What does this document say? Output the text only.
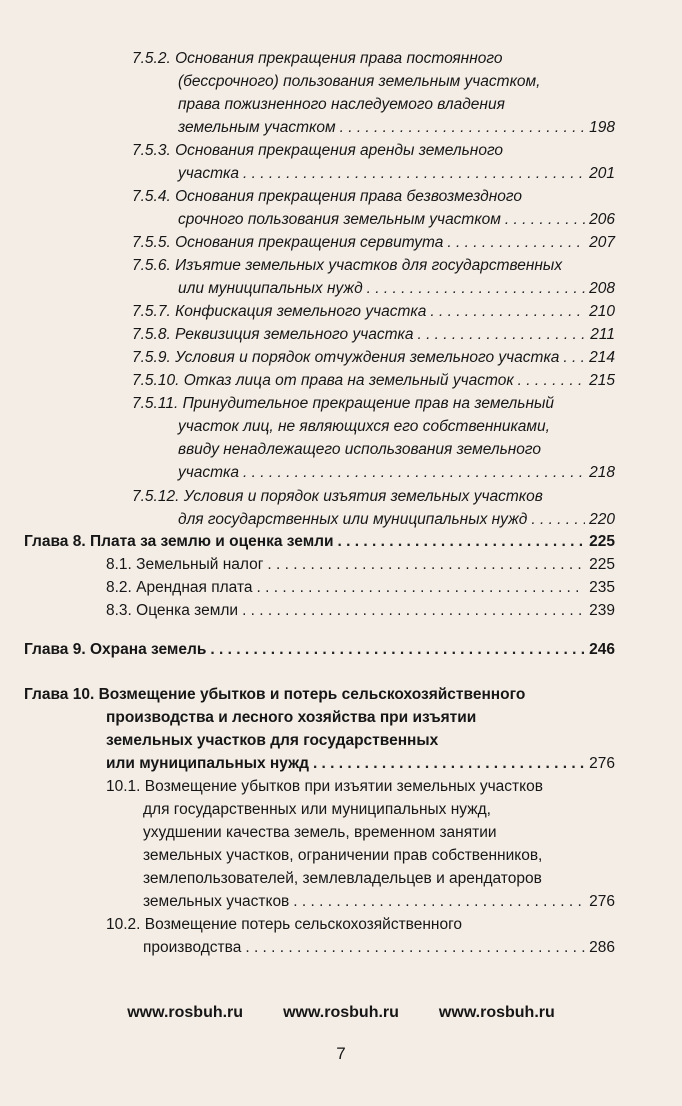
7.5.2.
Основания прекращения права постоянного
(бессрочного) пользования земельным участком,
права пожизненного наследуемого владения
земельным участком . . .	198
7.5.3.
Основания прекращения аренды земельного
участка . . .	201
7.5.4.
Основания прекращения права безвозмездного
срочного пользования земельным участком . . .	206
7.5.5.
Основания прекращения сервитута . . .	207
7.5.6.
Изъятие земельных участков для государственных
или муниципальных нужд . . .	208
7.5.7.
Конфискация земельного участка . . .	210
7.5.8.
Реквизиция земельного участка . . .	211
7.5.9.
Условия и порядок отчуждения земельного участка . . . 214
7.5.10.
Отказ лица от права на земельный участок . . .	215
7.5.11.
Принудительное прекращение прав на земельный
участок лиц, не являющихся его собственниками,
ввиду ненадлежащего использования земельного
участка . . .	218
7.5.12.
Условия и порядок изъятия земельных участков
для государственных или муниципальных нужд . . .	220
Глава 8. Плата за землю и оценка земли . . .	225
8.1. Земельный налог . . .	225
8.2. Арендная плата . . .	235
8.3. Оценка земли . . .	239
Глава 9. Охрана земель . . .	246
Глава 10. Возмещение убытков и потерь сельскохозяйственного
производства и лесного хозяйства при изъятии
земельных участков для государственных
или муниципальных нужд . . .	276
10.1. Возмещение убытков при изъятии земельных участков
для государственных или муниципальных нужд,
ухудшении качества земель, временном занятии
земельных участков, ограничении прав собственников,
землепользователей, землевладельцев и арендаторов
земельных участков . . .	276
10.2. Возмещение потерь сельскохозяйственного
производства . . .	286
www.rosbuh.ru	www.rosbuh.ru	www.rosbuh.ru
7
